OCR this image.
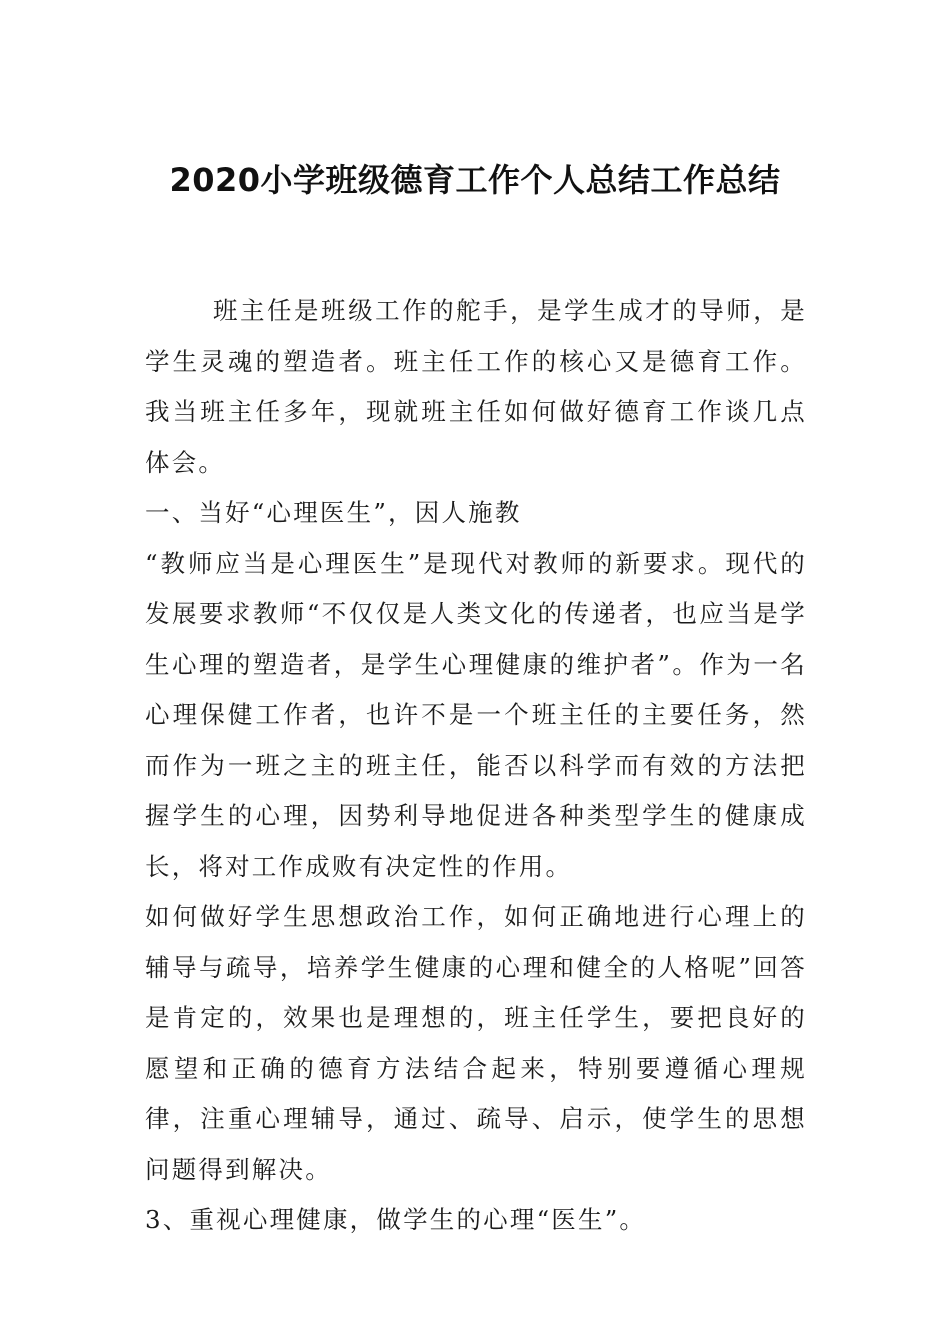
2020小学班级德育工作个人总结工作总结

班主任是班级工作的舵手，是学生成才的导师，是学生灵魂的塑造者。班主任工作的核心又是德育工作。我当班主任多年，现就班主任如何做好德育工作谈几点体会。

一、当好“心理医生”，因人施教

“教师应当是心理医生”是现代对教师的新要求。现代的发展要求教师“不仅仅是人类文化的传递者，也应当是学生心理的塑造者，是学生心理健康的维护者”。作为一名心理保健工作者，也许不是一个班主任的主要任务，然而作为一班之主的班主任，能否以科学而有效的方法把握学生的心理，因势利导地促进各种类型学生的健康成长，将对工作成败有决定性的作用。

如何做好学生思想政治工作，如何正确地进行心理上的辅导与疏导，培养学生健康的心理和健全的人格呢”回答是肯定的，效果也是理想的，班主任学生，要把良好的愿望和正确的德育方法结合起来，特别要遵循心理规律，注重心理辅导，通过、疏导、启示，使学生的思想问题得到解决。

3、重视心理健康，做学生的心理“医生”。
